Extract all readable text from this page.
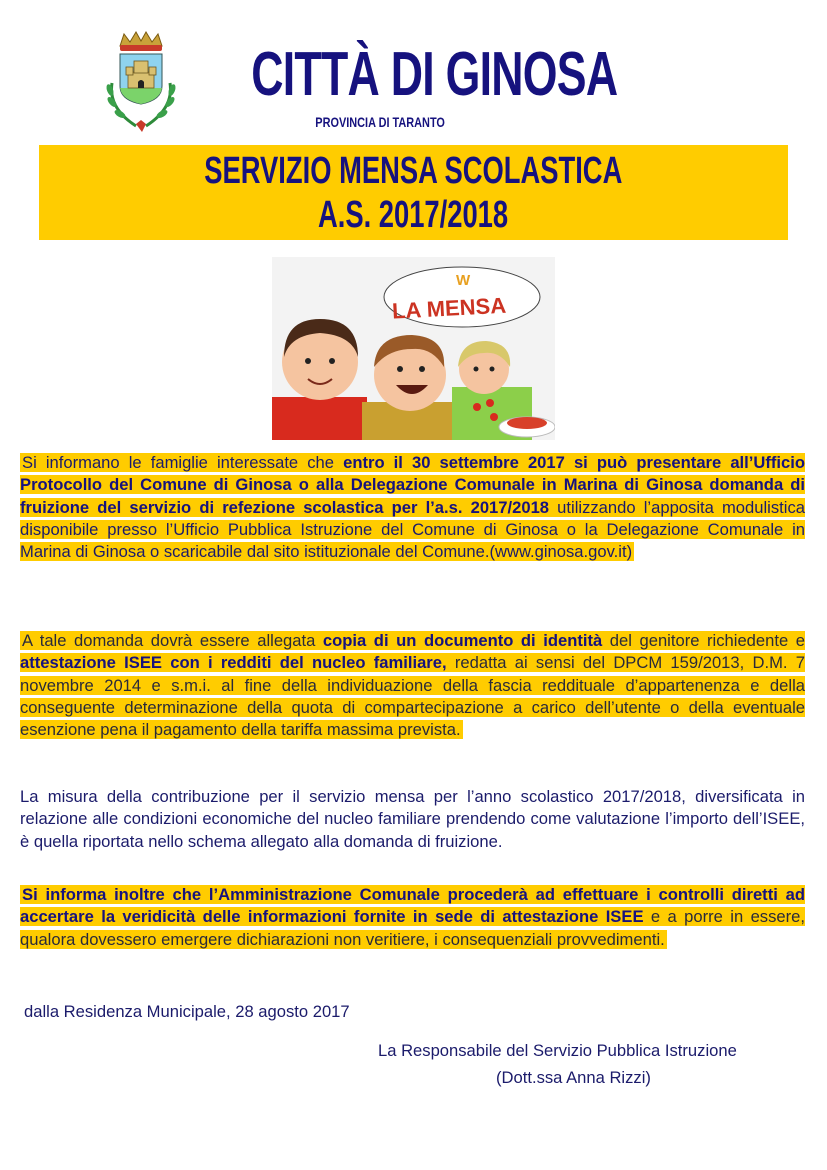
CITTÀ DI GINOSA
PROVINCIA DI TARANTO
SERVIZIO MENSA SCOLASTICA
A.S. 2017/2018
W
LA MENSA
Si informano le famiglie interessate che entro il 30 settembre 2017 si può presentare all’Ufficio Protocollo del Comune di Ginosa o alla Delegazione Comunale in Marina di Ginosa domanda di fruizione del servizio di refezione scolastica per l’a.s. 2017/2018 utilizzando l’apposita modulistica disponibile presso l’Ufficio Pubblica Istruzione del Comune di Ginosa o la Delegazione Comunale in Marina di Ginosa o scaricabile dal sito istituzionale del Comune.(www.ginosa.gov.it)
A tale domanda dovrà essere allegata copia di un documento di identità del genitore richiedente e attestazione ISEE con i redditi del nucleo familiare, redatta ai sensi del DPCM 159/2013, D.M. 7 novembre 2014 e s.m.i. al fine della individuazione della fascia reddituale d’appartenenza e della conseguente determinazione della quota di compartecipazione a carico dell’utente o della eventuale esenzione pena il pagamento della tariffa massima prevista.
La misura della contribuzione per il servizio mensa per l’anno scolastico 2017/2018, diversificata in relazione alle condizioni economiche del nucleo familiare prendendo come valutazione l’importo dell’ISEE, è quella riportata nello schema allegato alla domanda di fruizione.
Si informa inoltre che l’Amministrazione Comunale procederà ad effettuare i controlli diretti ad accertare la veridicità delle informazioni fornite in sede di attestazione ISEE e a porre in essere, qualora dovessero emergere dichiarazioni non veritiere, i consequenziali provvedimenti.
dalla Residenza Municipale, 28 agosto 2017
La Responsabile del Servizio Pubblica Istruzione
(Dott.ssa Anna Rizzi)
